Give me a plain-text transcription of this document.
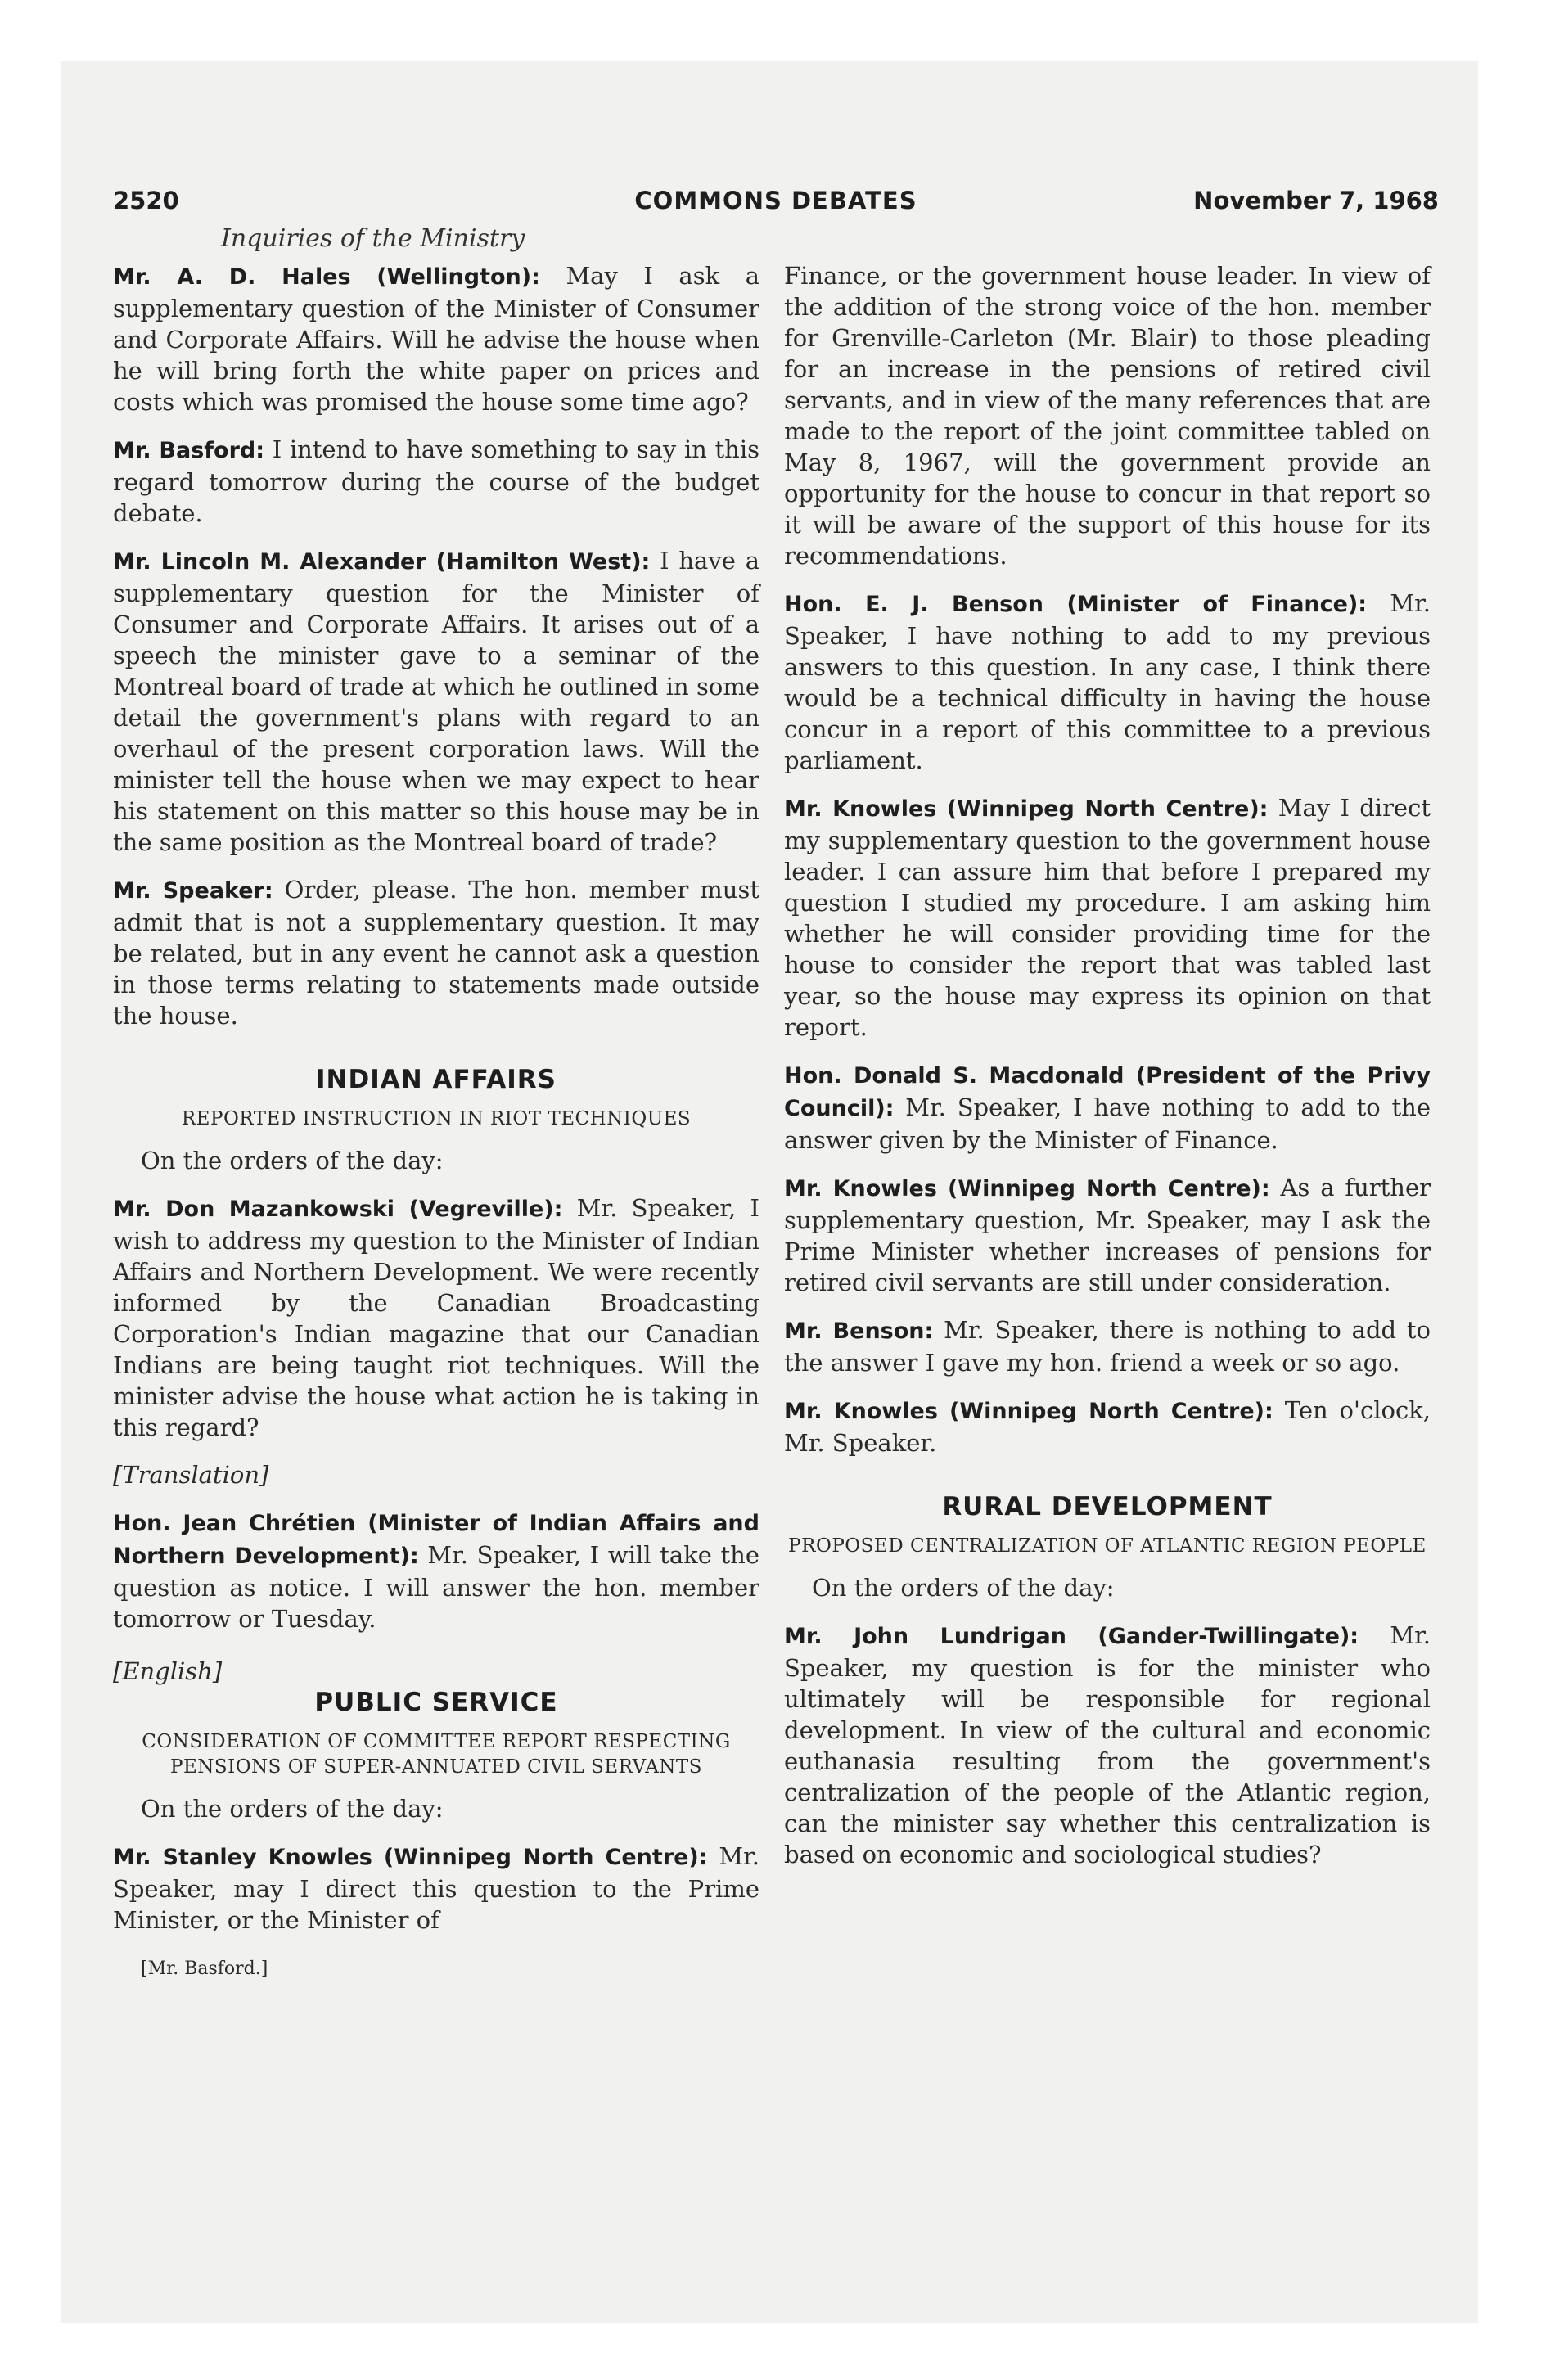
COMMONS DEBATES
2520	November 7, 1968
Inquiries of the Ministry

Mr. A. D. Hales (Wellington): May I ask a supplementary question of the Minister of Consumer and Corporate Affairs. Will he advise the house when he will bring forth the white paper on prices and costs which was promised the house some time ago?

Mr. Basford: I intend to have something to say in this regard tomorrow during the course of the budget debate.

Mr. Lincoln M. Alexander (Hamilton West): I have a supplementary question for the Minister of Consumer and Corporate Affairs. It arises out of a speech the minister gave to a seminar of the Montreal board of trade at which he outlined in some detail the government's plans with regard to an overhaul of the present corporation laws. Will the minister tell the house when we may expect to hear his statement on this matter so this house may be in the same position as the Montreal board of trade?

Mr. Speaker: Order, please. The hon. member must admit that is not a supplementary question. It may be related, but in any event he cannot ask a question in those terms relating to statements made outside the house.

INDIAN AFFAIRS
REPORTED INSTRUCTION IN RIOT TECHNIQUES

On the orders of the day:

Mr. Don Mazankowski (Vegreville): Mr. Speaker, I wish to address my question to the Minister of Indian Affairs and Northern Development. We were recently informed by the Canadian Broadcasting Corporation's Indian magazine that our Canadian Indians are being taught riot techniques. Will the minister advise the house what action he is taking in this regard?

[Translation]

Hon. Jean Chrétien (Minister of Indian Affairs and Northern Development): Mr. Speaker, I will take the question as notice. I will answer the hon. member tomorrow or Tuesday.

[English]

PUBLIC SERVICE
CONSIDERATION OF COMMITTEE REPORT RESPECTING PENSIONS OF SUPER-ANNUATED CIVIL SERVANTS

On the orders of the day:

Mr. Stanley Knowles (Winnipeg North Centre): Mr. Speaker, may I direct this question to the Prime Minister, or the Minister of

[Mr. Basford.]

Finance, or the government house leader. In view of the addition of the strong voice of the hon. member for Grenville-Carleton (Mr. Blair) to those pleading for an increase in the pensions of retired civil servants, and in view of the many references that are made to the report of the joint committee tabled on May 8, 1967, will the government provide an opportunity for the house to concur in that report so it will be aware of the support of this house for its recommendations.

Hon. E. J. Benson (Minister of Finance): Mr. Speaker, I have nothing to add to my previous answers to this question. In any case, I think there would be a technical difficulty in having the house concur in a report of this committee to a previous parliament.

Mr. Knowles (Winnipeg North Centre): May I direct my supplementary question to the government house leader. I can assure him that before I prepared my question I studied my procedure. I am asking him whether he will consider providing time for the house to consider the report that was tabled last year, so the house may express its opinion on that report.

Hon. Donald S. Macdonald (President of the Privy Council): Mr. Speaker, I have nothing to add to the answer given by the Minister of Finance.

Mr. Knowles (Winnipeg North Centre): As a further supplementary question, Mr. Speaker, may I ask the Prime Minister whether increases of pensions for retired civil servants are still under consideration.

Mr. Benson: Mr. Speaker, there is nothing to add to the answer I gave my hon. friend a week or so ago.

Mr. Knowles (Winnipeg North Centre): Ten o'clock, Mr. Speaker.

RURAL DEVELOPMENT
PROPOSED CENTRALIZATION OF ATLANTIC REGION PEOPLE

On the orders of the day:

Mr. John Lundrigan (Gander-Twillingate): Mr. Speaker, my question is for the minister who ultimately will be responsible for regional development. In view of the cultural and economic euthanasia resulting from the government's centralization of the people of the Atlantic region, can the minister say whether this centralization is based on economic and sociological studies?
